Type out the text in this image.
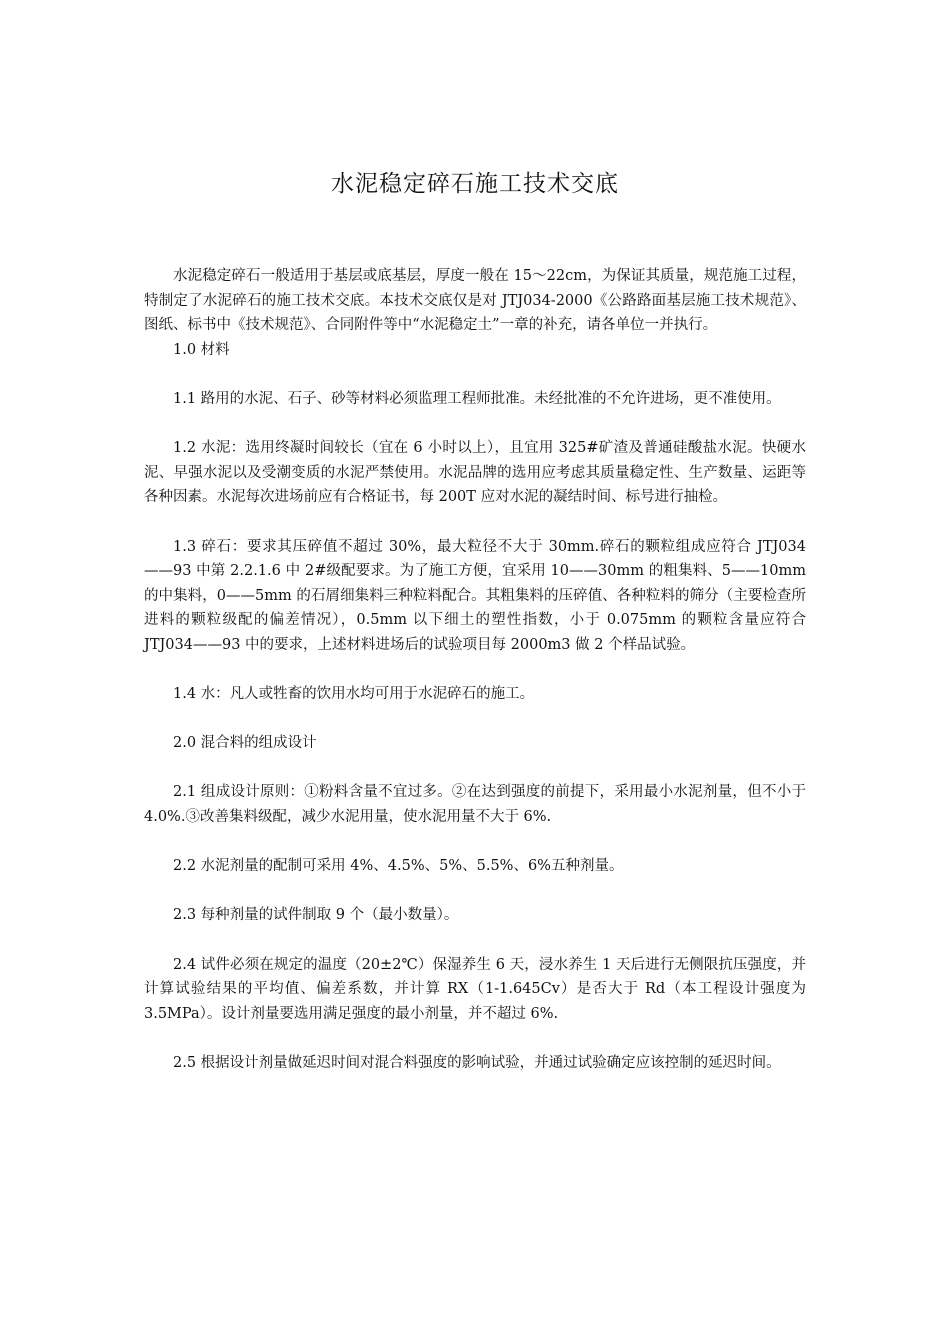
水泥稳定碎石施工技术交底

水泥稳定碎石一般适用于基层或底基层，厚度一般在 15～22cm，为保证其质量，规范施工过程，特制定了水泥碎石的施工技术交底。本技术交底仅是对 JTJ034-2000《公路路面基层施工技术规范》、图纸、标书中《技术规范》、合同附件等中“水泥稳定土”一章的补充，请各单位一并执行。

1.0 材料

1.1 路用的水泥、石子、砂等材料必须监理工程师批准。未经批准的不允许进场，更不准使用。

1.2 水泥：选用终凝时间较长（宜在 6 小时以上），且宜用 325#矿渣及普通硅酸盐水泥。快硬水泥、早强水泥以及受潮变质的水泥严禁使用。水泥品牌的选用应考虑其质量稳定性、生产数量、运距等各种因素。水泥每次进场前应有合格证书，每 200T 应对水泥的凝结时间、标号进行抽检。

1.3 碎石：要求其压碎值不超过 30%，最大粒径不大于 30mm.碎石的颗粒组成应符合 JTJ034——93 中第 2.2.1.6 中 2#级配要求。为了施工方便，宜采用 10——30mm 的粗集料、5——10mm 的中集料，0——5mm 的石屑细集料三种粒料配合。其粗集料的压碎值、各种粒料的筛分（主要检查所进料的颗粒级配的偏差情况），0.5mm 以下细土的塑性指数，小于 0.075mm 的颗粒含量应符合 JTJ034——93 中的要求，上述材料进场后的试验项目每 2000m3 做 2 个样品试验。

1.4 水：凡人或牲畜的饮用水均可用于水泥碎石的施工。

2.0 混合料的组成设计

2.1 组成设计原则：①粉料含量不宜过多。②在达到强度的前提下，采用最小水泥剂量，但不小于 4.0%.③改善集料级配，减少水泥用量，使水泥用量不大于 6%.

2.2 水泥剂量的配制可采用 4%、4.5%、5%、5.5%、6%五种剂量。

2.3 每种剂量的试件制取 9 个（最小数量）。

2.4 试件必须在规定的温度（20±2℃）保湿养生 6 天，浸水养生 1 天后进行无侧限抗压强度，并计算试验结果的平均值、偏差系数，并计算 RX（1-1.645Cv）是否大于 Rd（本工程设计强度为 3.5MPa）。设计剂量要选用满足强度的最小剂量，并不超过 6%.

2.5 根据设计剂量做延迟时间对混合料强度的影响试验，并通过试验确定应该控制的延迟时间。
